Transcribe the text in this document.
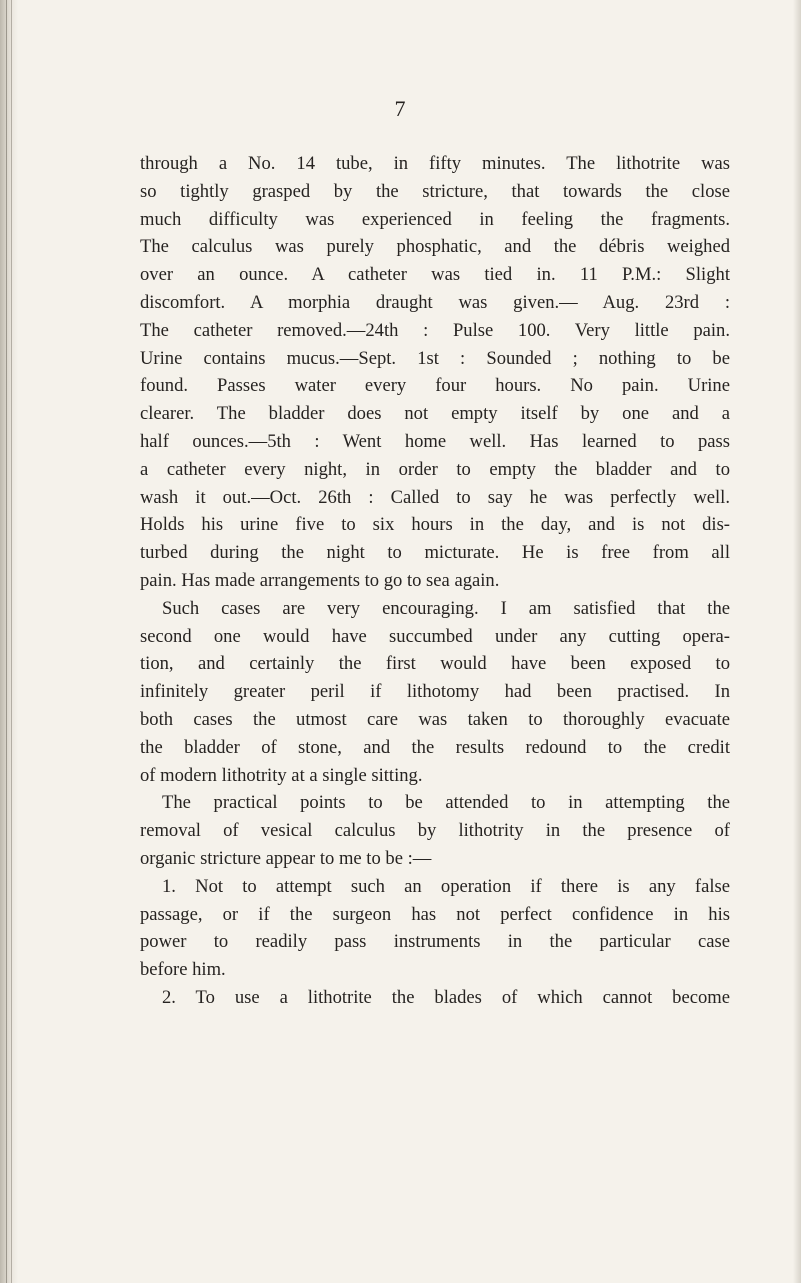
7
through a No. 14 tube, in fifty minutes. The lithotrite was
so tightly grasped by the stricture, that towards the close
much difficulty was experienced in feeling the fragments.
The calculus was purely phosphatic, and the débris weighed
over an ounce. A catheter was tied in. 11 P.M.: Slight
discomfort. A morphia draught was given.— Aug. 23rd :
The catheter removed.—24th : Pulse 100. Very little pain.
Urine contains mucus.—Sept. 1st : Sounded ; nothing to be
found. Passes water every four hours. No pain. Urine
clearer. The bladder does not empty itself by one and a
half ounces.—5th : Went home well. Has learned to pass
a catheter every night, in order to empty the bladder and to
wash it out.—Oct. 26th : Called to say he was perfectly well.
Holds his urine five to six hours in the day, and is not dis-
turbed during the night to micturate. He is free from all
pain. Has made arrangements to go to sea again.
Such cases are very encouraging. I am satisfied that the
second one would have succumbed under any cutting opera-
tion, and certainly the first would have been exposed to
infinitely greater peril if lithotomy had been practised. In
both cases the utmost care was taken to thoroughly evacuate
the bladder of stone, and the results redound to the credit
of modern lithotrity at a single sitting.
The practical points to be attended to in attempting the
removal of vesical calculus by lithotrity in the presence of
organic stricture appear to me to be :—
1. Not to attempt such an operation if there is any false
passage, or if the surgeon has not perfect confidence in his
power to readily pass instruments in the particular case
before him.
2. To use a lithotrite the blades of which cannot become
